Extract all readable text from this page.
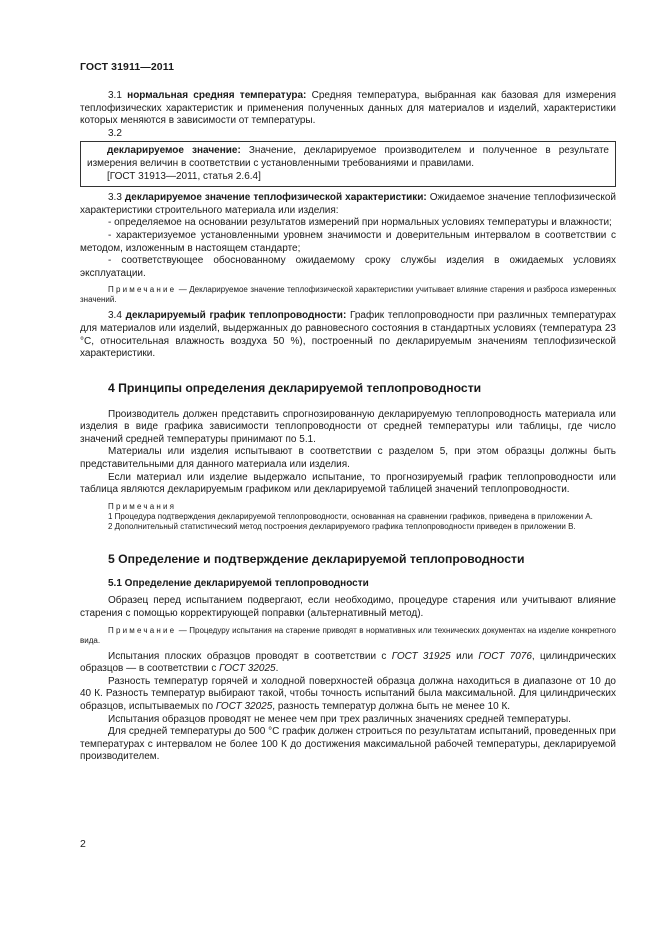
ГОСТ 31911—2011

3.1 нормальная средняя температура: Средняя температура, выбранная как базовая для измерения теплофизических характеристик и применения полученных данных для материалов и изделий, характеристики которых меняются в зависимости от температуры.

3.2

декларируемое значение: Значение, декларируемое производителем и полученное в результате измерения величин в соответствии с установленными требованиями и правилами.

[ГОСТ 31913—2011, статья 2.6.4]

3.3 декларируемое значение теплофизической характеристики: Ожидаемое значение теплофизической характеристики строительного материала или изделия:

- определяемое на основании результатов измерений при нормальных условиях температуры и влажности;

- характеризуемое установленными уровнем значимости и доверительным интервалом в соответствии с методом, изложенным в настоящем стандарте;

- соответствующее обоснованному ожидаемому сроку службы изделия в ожидаемых условиях эксплуатации.

Примечание — Декларируемое значение теплофизической характеристики учитывает влияние старения и разброса измеренных значений.

3.4 декларируемый график теплопроводности: График теплопроводности при различных температурах для материалов или изделий, выдержанных до равновесного состояния в стандартных условиях (температура 23 °С, относительная влажность воздуха 50 %), построенный по декларируемым значениям теплофизической характеристики.

4 Принципы определения декларируемой теплопроводности

Производитель должен представить спрогнозированную декларируемую теплопроводность материала или изделия в виде графика зависимости теплопроводности от средней температуры или таблицы, где число значений средней температуры принимают по 5.1.

Материалы или изделия испытывают в соответствии с разделом 5, при этом образцы должны быть представительными для данного материала или изделия.

Если материал или изделие выдержало испытание, то прогнозируемый график теплопроводности или таблица являются декларируемым графиком или декларируемой таблицей значений теплопроводности.

Примечания

1 Процедура подтверждения декларируемой теплопроводности, основанная на сравнении графиков, приведена в приложении А.

2 Дополнительный статистический метод построения декларируемого графика теплопроводности приведен в приложении В.

5 Определение и подтверждение декларируемой теплопроводности
5.1 Определение декларируемой теплопроводности

Образец перед испытанием подвергают, если необходимо, процедуре старения или учитывают влияние старения с помощью корректирующей поправки (альтернативный метод).

Примечание — Процедуру испытания на старение приводят в нормативных или технических документах на изделие конкретного вида.

Испытания плоских образцов проводят в соответствии с ГОСТ 31925 или ГОСТ 7076, цилиндрических образцов — в соответствии с ГОСТ 32025.

Разность температур горячей и холодной поверхностей образца должна находиться в диапазоне от 10 до 40 К. Разность температур выбирают такой, чтобы точность испытаний была максимальной. Для цилиндрических образцов, испытываемых по ГОСТ 32025, разность температур должна быть не менее 10 К.

Испытания образцов проводят не менее чем при трех различных значениях средней температуры.

Для средней температуры до 500 °С график должен строиться по результатам испытаний, проведенных при температурах с интервалом не более 100 К до достижения максимальной рабочей температуры, декларируемой производителем.

2
